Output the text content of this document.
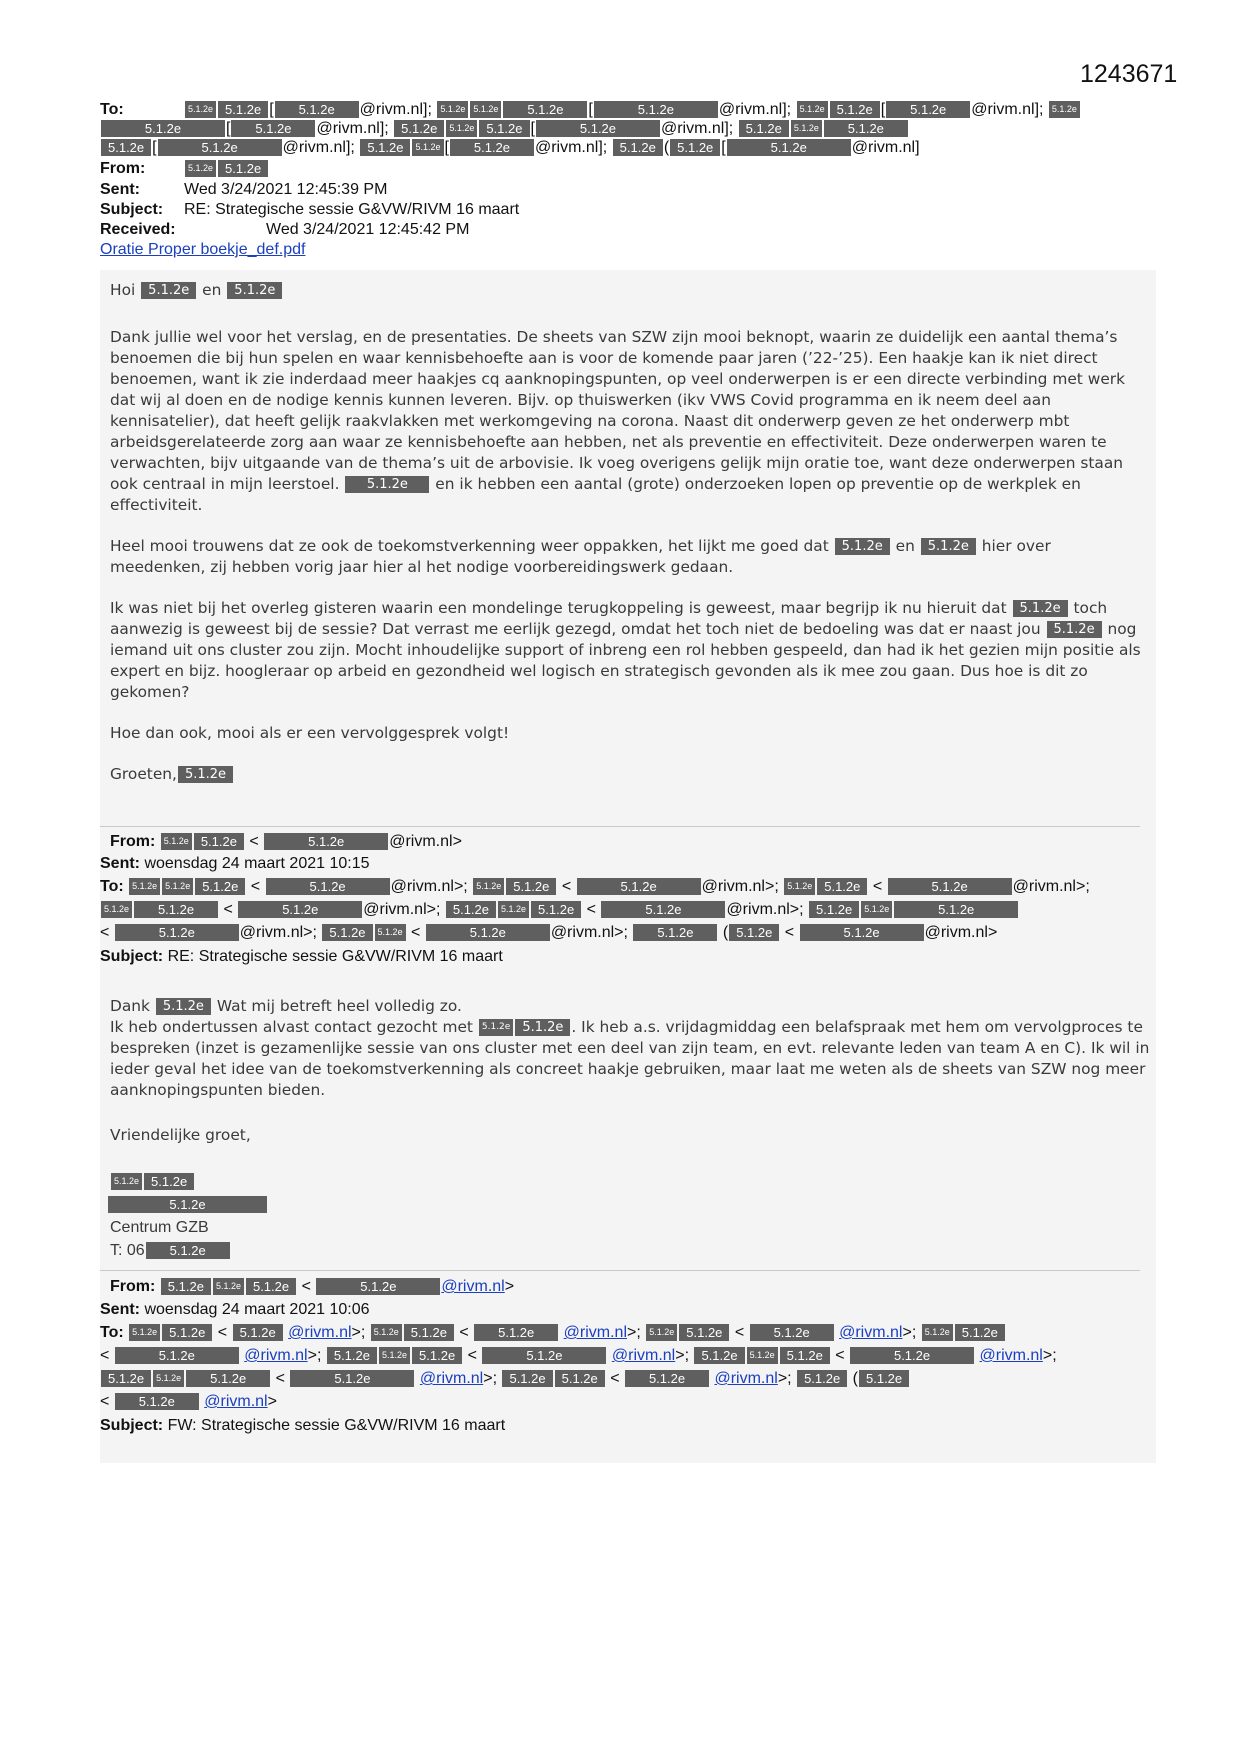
1243671
To:	5.1.2e 5.1.2e [ 5.1.2e @rivm.nl]; 5.1.2e 5.1.2e 5.1.2e [	5.1.2e	@rivm.nl]; 5.1.2e 5.1.2e [ 5.1.2e @rivm.nl]; 5.1.2e
5.1.2e	[ 5.1.2e @rivm.nl]; 5.1.2e 5.1.2e 5.1.2e [	5.1.2e	@rivm.nl]; 5.1.2e 5.1.2e 5.1.2e
5.1.2e [	5.1.2e	@rivm.nl]; 5.1.2e 5.1.2e [ 5.1.2e @rivm.nl]; 5.1.2e ( 5.1.2e [	5.1.2e	@rivm.nl]
From:	5.1.2e 5.1.2e
Sent:	Wed 3/24/2021 12:45:39 PM
Subject: RE: Strategische sessie G&VW/RIVM 16 maart
Received:	Wed 3/24/2021 12:45:42 PM
Oratie Proper boekje_def.pdf

Hoi 5.1.2e en 5.1.2e

Dank jullie wel voor het verslag, en de presentaties. De sheets van SZW zijn mooi beknopt, waarin ze duidelijk een aantal thema’s benoemen die bij hun spelen en waar kennisbehoefte aan is voor de komende paar jaren (’22-’25). Een haakje kan ik niet direct benoemen, want ik zie inderdaad meer haakjes cq aanknopingspunten, op veel onderwerpen is er een directe verbinding met werk dat wij al doen en de nodige kennis kunnen leveren. Bijv. op thuiswerken (ikv VWS Covid programma en ik neem deel aan kennisatelier), dat heeft gelijk raakvlakken met werkomgeving na corona. Naast dit onderwerp geven ze het onderwerp mbt arbeidsgerelateerde zorg aan waar ze kennisbehoefte aan hebben, net als preventie en effectiviteit. Deze onderwerpen waren te verwachten, bijv uitgaande van de thema’s uit de arbovisie. Ik voeg overigens gelijk mijn oratie toe, want deze onderwerpen staan ook centraal in mijn leerstoel. 5.1.2e en ik hebben een aantal (grote) onderzoeken lopen op preventie op de werkplek en effectiviteit.

Heel mooi trouwens dat ze ook de toekomstverkenning weer oppakken, het lijkt me goed dat 5.1.2e en 5.1.2e hier over meedenken, zij hebben vorig jaar hier al het nodige voorbereidingswerk gedaan.

Ik was niet bij het overleg gisteren waarin een mondelinge terugkoppeling is geweest, maar begrijp ik nu hieruit dat 5.1.2e toch aanwezig is geweest bij de sessie? Dat verrast me eerlijk gezegd, omdat het toch niet de bedoeling was dat er naast jou 5.1.2e nog iemand uit ons cluster zou zijn. Mocht inhoudelijke support of inbreng een rol hebben gespeeld, dan had ik het gezien mijn positie als expert en bijz. hoogleraar op arbeid en gezondheid wel logisch en strategisch gevonden als ik mee zou gaan. Dus hoe is dit zo gekomen?

Hoe dan ook, mooi als er een vervolggesprek volgt!

Groeten, 5.1.2e

From: 5.1.2e 5.1.2e <	5.1.2e	@rivm.nl>
Sent: woensdag 24 maart 2021 10:15
To: 5.1.2e 5.1.2e 5.1.2e <	5.1.2e	@rivm.nl>; 5.1.2e 5.1.2e <	5.1.2e	@rivm.nl>; 5.1.2e 5.1.2e <	5.1.2e	@rivm.nl>;
5.1.2e 5.1.2e <	5.1.2e	@rivm.nl>; 5.1.2e 5.1.2e 5.1.2e <	5.1.2e	@rivm.nl>; 5.1.2e 5.1.2e	5.1.2e
<	5.1.2e	@rivm.nl>; 5.1.2e 5.1.2e <	5.1.2e	@rivm.nl>; 5.1.2e ( 5.1.2e <	5.1.2e	@rivm.nl>
Subject: RE: Strategische sessie G&VW/RIVM 16 maart

Dank 5.1.2e Wat mij betreft heel volledig zo.

Ik heb ondertussen alvast contact gezocht met 5.1.2e 5.1.2e . Ik heb a.s. vrijdagmiddag een belafspraak met hem om vervolgproces te bespreken (inzet is gezamenlijke sessie van ons cluster met een deel van zijn team, en evt. relevante leden van team A en C). Ik wil in ieder geval het idee van de toekomstverkenning als concreet haakje gebruiken, maar laat me weten als de sheets van SZW nog meer aanknopingspunten bieden.

Vriendelijke groet,

5.1.2e 5.1.2e
5.1.2e
Centrum GZB
T: 06 5.1.2e
From: 5.1.2e 5.1.2e 5.1.2e <	5.1.2e	@rivm.nl>
Sent: woensdag 24 maart 2021 10:06
To: 5.1.2e 5.1.2e < 5.1.2e @rivm.nl>; 5.1.2e 5.1.2e < 5.1.2e @rivm.nl>; 5.1.2e 5.1.2e < 5.1.2e @rivm.nl>; 5.1.2e 5.1.2e
<	5.1.2e	@rivm.nl>; 5.1.2e 5.1.2e 5.1.2e <	5.1.2e	@rivm.nl>; 5.1.2e 5.1.2e 5.1.2e <	5.1.2e	@rivm.nl>;
5.1.2e 5.1.2e 5.1.2e <	5.1.2e	@rivm.nl>; 5.1.2e 5.1.2e < 5.1.2e @rivm.nl>; 5.1.2e ( 5.1.2e
< 5.1.2e @rivm.nl>
Subject: FW: Strategische sessie G&VW/RIVM 16 maart
